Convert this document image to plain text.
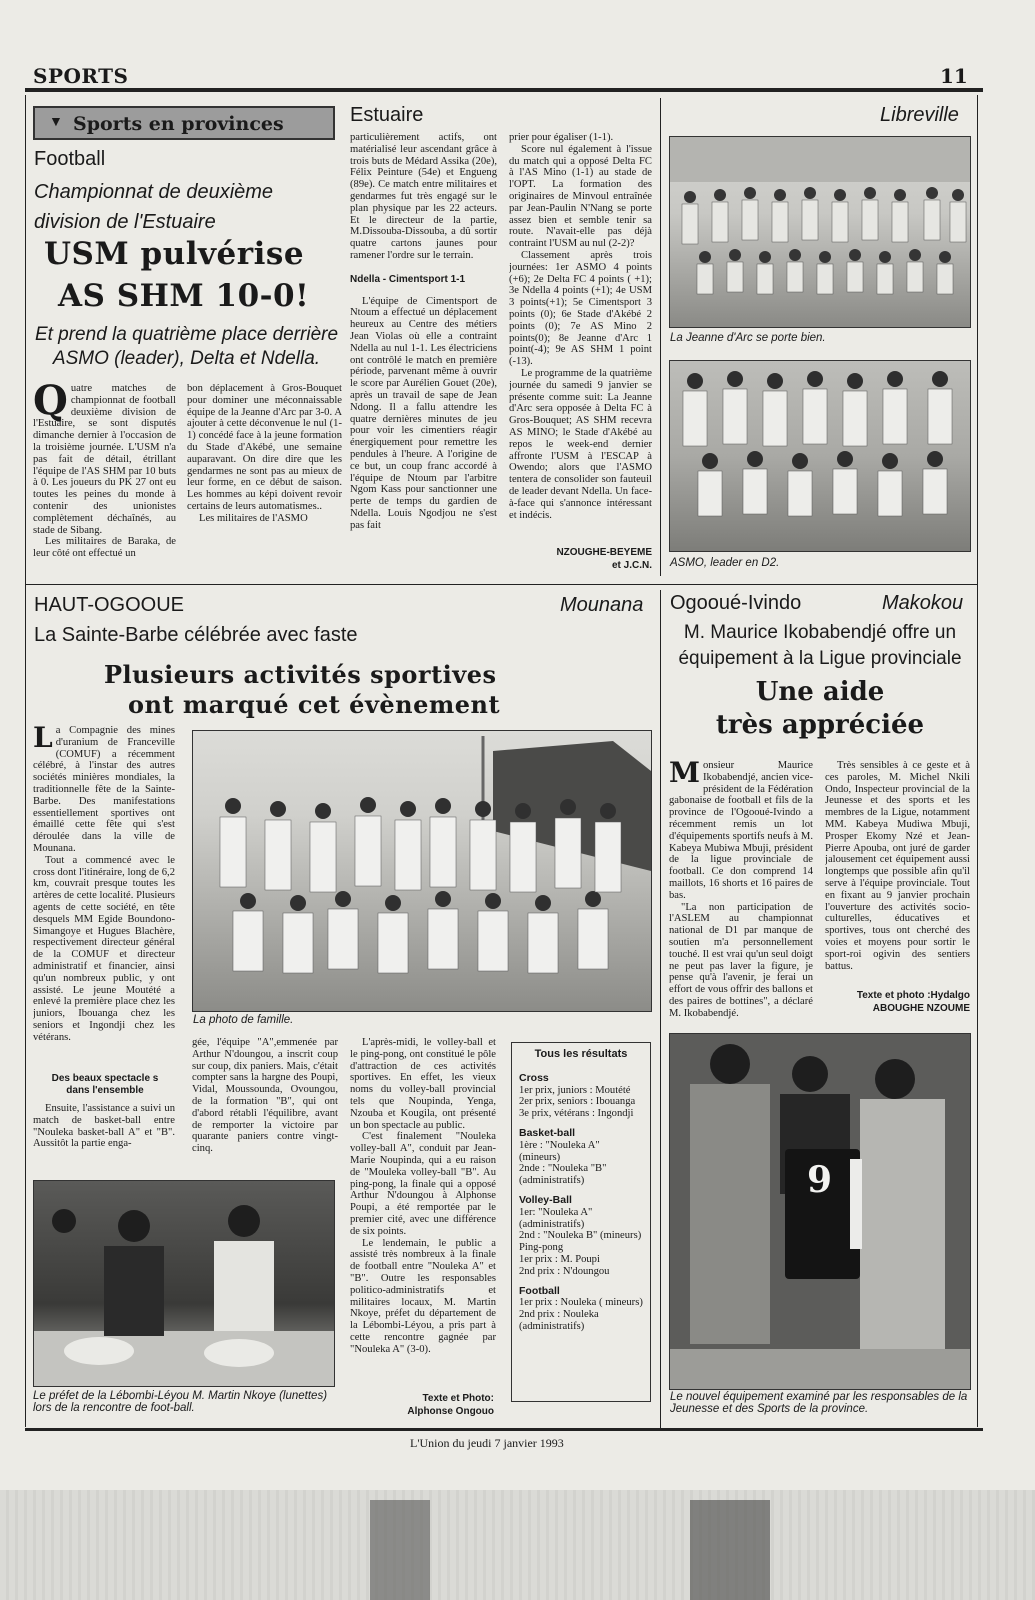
SPORTS	11
▼ Sports en provinces	Estuaire	Libreville
Football
Championnat de deuxième division de l'Estuaire
USM pulvérise
AS SHM 10-0!
Et prend la quatrième place derrière ASMO (leader), Delta et Ndella.
Q uatre matches de championnat de football deuxième division de l'Estuaire, se sont disputés dimanche dernier à l'occasion de la troisième journée. L'USM n'a pas fait de détail, étrillant l'équipe de l'AS SHM par 10 buts à 0. Les joueurs du PK 27 ont eu toutes les peines du monde à contenir des unionistes complètement déchaînés, au stade de Sibang.

Les militaires de Baraka, de leur côté ont effectué un

bon déplacement à Gros-Bouquet pour dominer une méconnaissable équipe de la Jeanne d'Arc par 3-0. A ajouter à cette déconvenue le nul (1-1) concédé face à la jeune formation du Stade d'Akébé, une semaine auparavant. On dire dire que les gendarmes ne sont pas au mieux de leur forme, en ce début de saison. Les hommes au képi doivent revoir certains de leurs automatismes..

Les militaires de l'ASMO

particulièrement actifs, ont matérialisé leur ascendant grâce à trois buts de Médard Assika (20e), Félix Peinture (54e) et Engueng (89e). Ce match entre militaires et gendarmes fut très engagé sur le plan physique par les 22 acteurs. Et le directeur de la partie, M.Dissouba-Dissouba, a dû sortir quatre cartons jaunes pour ramener l'ordre sur le terrain.

Ndella - Cimentsport 1-1

L'équipe de Cimentsport de Ntoum a effectué un déplacement heureux au Centre des métiers Jean Violas où elle a contraint Ndella au nul 1-1. Les électriciens ont contrôlé le match en première période, parvenant même à ouvrir le score par Aurélien Gouet (20e), après un travail de sape de Jean Ndong. Il a fallu attendre les quatre dernières minutes de jeu pour voir les cimentiers réagir énergiquement pour remettre les pendules à l'heure. A l'origine de ce but, un coup franc accordé à l'équipe de Ntoum par l'arbitre Ngom Kass pour sanctionner une perte de temps du gardien de Ndella. Louis Ngodjou ne s'est pas fait

prier pour égaliser (1-1).

Score nul également à l'issue du match qui a opposé Delta FC à l'AS Mino (1-1) au stade de l'OPT. La formation des originaires de Minvoul entraînée par Jean-Paulin N'Nang se porte assez bien et semble tenir sa route. N'avait-elle pas déjà contraint l'USM au nul (2-2)?

Classement après trois journées: 1er ASMO 4 points (+6); 2e Delta FC 4 points ( +1); 3e Ndella 4 points (+1); 4e USM 3 points(+1); 5e Cimentsport 3 points (0); 6e Stade d'Akébé 2 points (0); 7e AS Mino 2 points(0); 8e Jeanne d'Arc 1 point(-4); 9e AS SHM 1 point (-13).

Le programme de la quatrième journée du samedi 9 janvier se présente comme suit: La Jeanne d'Arc sera opposée à Delta FC à Gros-Bouquet; AS SHM recevra AS MINO; le Stade d'Akébé au repos le week-end dernier affronte l'USM à l'ESCAP à Owendo; alors que l'ASMO tentera de consolider son fauteuil de leader devant Ndella. Un face-à-face qui s'annonce intéressant et indécis.

NZOUGHE-BEYEME
et J.C.N.
La Jeanne d'Arc se porte bien.
ASMO, leader en D2.
HAUT-OGOOUE	Mounana
La Sainte-Barbe célébrée avec faste
Plusieurs activités sportives
ont marqué cet évènement
L a Compagnie des mines d'uranium de Franceville (COMUF) a récemment célébré, à l'instar des autres sociétés minières mondiales, la traditionnelle fête de la Sainte-Barbe. Des manifestations essentiellement sportives ont émaillé cette fête qui s'est déroulée dans la ville de Mounana.

Tout a commencé avec le cross dont l'itinéraire, long de 6,2 km, couvrait presque toutes les artères de cette localité. Plusieurs agents de cette société, en tête desquels MM Egide Boundono-Simangoye et Hugues Blachère, respectivement directeur général de la COMUF et directeur administratif et financier, ainsi qu'un nombreux public, y ont assisté. Le jeune Moutété a enlevé la première place chez les juniors, Ibouanga chez les seniors et Ingondji chez les vétérans.

Des beaux spectacle s dans l'ensemble

Ensuite, l'assistance a suivi un match de basket-ball entre "Nouleka basket-ball A" et "B". Aussitôt la partie enga-

La photo de famille.

gée, l'équipe "A",emmenée par Arthur N'doungou, a inscrit coup sur coup, dix paniers. Mais, c'était compter sans la hargne des Poupi, Vidal, Moussounda, Ovoungou, de la formation "B", qui ont d'abord rétabli l'équilibre, avant de remporter la victoire par quarante paniers contre vingt-cinq.

L'après-midi, le volley-ball et le ping-pong, ont constitué le pôle d'attraction de ces activités sportives. En effet, les vieux noms du volley-ball provincial tels que Noupinda, Yenga, Nzouba et Kougila, ont présenté un bon spectacle au public.

C'est finalement "Nouleka volley-ball A", conduit par Jean-Marie Noupinda, qui a eu raison de "Mouleka volley-ball "B". Au ping-pong, la finale qui a opposé Arthur N'doungou à Alphonse Poupi, a été remportée par le premier cité, avec une différence de six points.

Le lendemain, le public a assisté très nombreux à la finale de football entre "Nouleka A" et "B". Outre les responsables politico-administratifs et militaires locaux, M. Martin Nkoye, préfet du département de la Lébombi-Léyou, a pris part à cette rencontre gagnée par "Nouleka A" (3-0).

Texte et Photo:
Alphonse Ongouo
Le préfet de la Lébombi-Léyou M. Martin Nkoye (lunettes) lors de la rencontre de foot-ball.
Tous les résultats
Cross
1er prix, juniors : Moutété
2er prix, seniors : Ibouanga
3e prix, vétérans : Ingondji
Basket-ball
1ère : "Nouleka A" (mineurs)
2nde : "Nouleka "B" (administratifs)
Volley-Ball
1er: "Nouleka A" (administratifs)
2nd : "Nouleka B" (mineurs)
Ping-pong
1er prix : M. Poupi
2nd prix : N'doungou
Football
1er prix : Nouleka ( mineurs)
2nd prix : Nouleka (administratifs)
Ogooué-Ivindo	Makokou
M. Maurice Ikobabendjé offre un équipement à la Ligue provinciale
Une aide
très appréciée
M onsieur Maurice Ikobabendjé, ancien vice-président de la Fédération gabonaise de football et fils de la province de l'Ogooué-Ivindo a récemment remis un lot d'équipements sportifs neufs à M. Kabeya Mubiwa Mbuji, président de la ligue provinciale de football. Ce don comprend 14 maillots, 16 shorts et 16 paires de bas.

"La non participation de l'ASLEM au championnat national de D1 par manque de soutien m'a personnellement touché. Il est vrai qu'un seul doigt ne peut pas laver la figure, je pense qu'à l'avenir, je ferai un effort de vous offrir des ballons et des paires de bottines", a déclaré M. Ikobabendjé.

Très sensibles à ce geste et à ces paroles, M. Michel Nkili Ondo, Inspecteur provincial de la Jeunesse et des sports et les membres de la Ligue, notamment MM. Kabeya Mudiwa Mbuji, Prosper Ekomy Nzé et Jean-Pierre Apouba, ont juré de garder jalousement cet équipement aussi longtemps que possible afin qu'il serve à l'équipe provinciale. Tout en fixant au 9 janvier prochain l'ouverture des activités socio-culturelles, éducatives et sportives, tous ont cherché des voies et moyens pour sortir le sport-roi ogivin des sentiers battus.

Texte et photo :Hydalgo
ABOUGHE NZOUME
9
Le nouvel équipement examiné par les responsables de la Jeunesse et des Sports de la province.
L'Union du jeudi 7 janvier 1993
